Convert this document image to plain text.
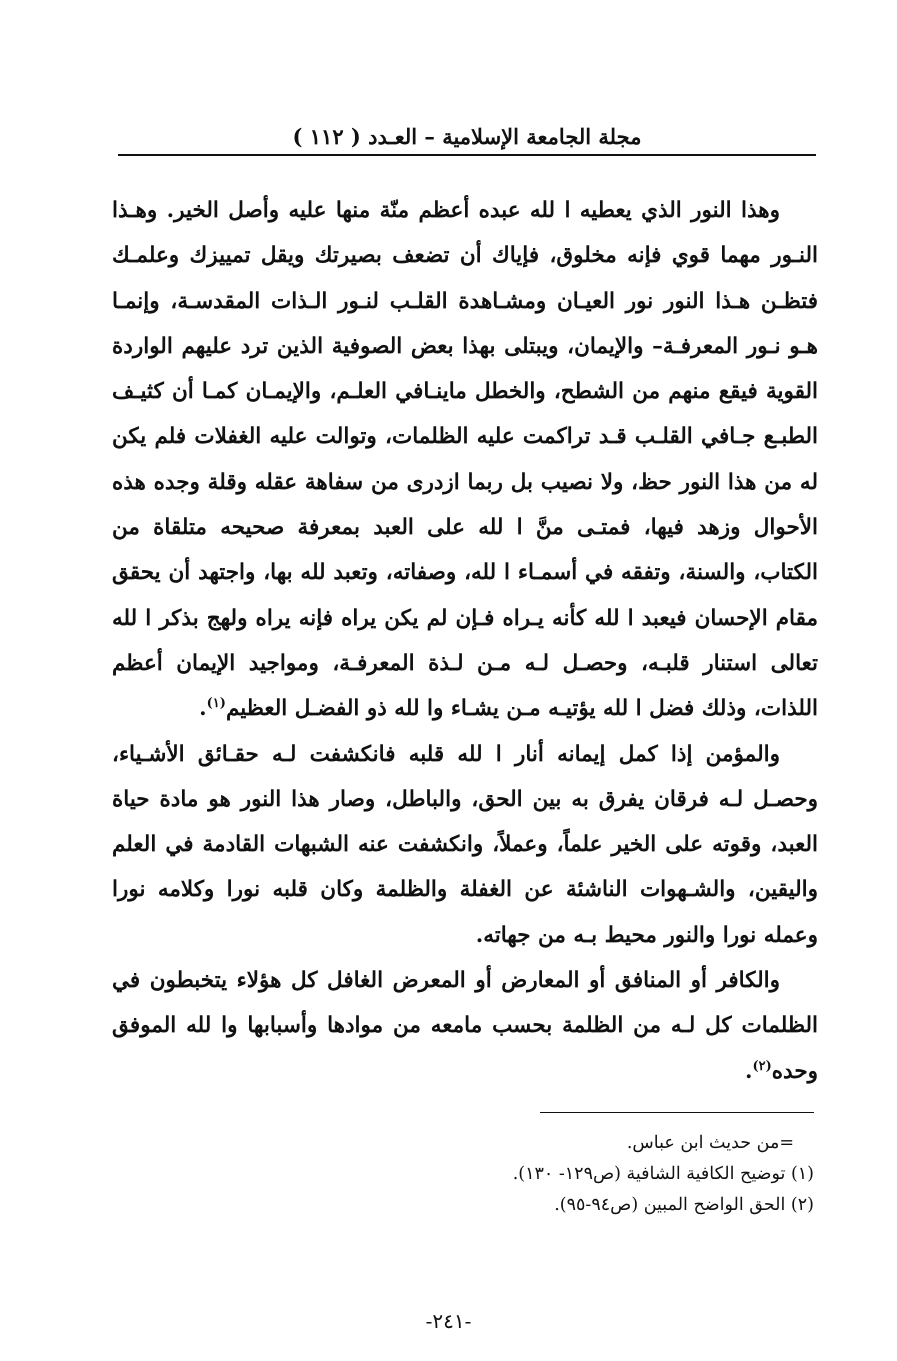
مجلة الجامعة الإسلامية – العـدد ( ١١٢ )

وهذا النور الذي يعطيه ا لله عبده أعظم منّة منها عليه وأصل الخير. وهـذا النـور مهما قوي فإنه مخلوق، فإياك أن تضعف بصيرتك ويقل تمييزك وعلمـك فتظـن هـذا النور نور العيـان ومشـاهدة القلـب لنـور الـذات المقدسـة، وإنمـا هـو نـور المعرفـة– والإيمان، ويبتلى بهذا بعض الصوفية الذين ترد عليهم الواردة القوية فيقع منهم من الشطح، والخطل ماينـافي العلـم، والإيمـان كمـا أن كثيـف الطبـع جـافي القلـب قـد تراكمت عليه الظلمات، وتوالت عليه الغفلات فلم يكن له من هذا النور حظ، ولا نصيب بل ربما ازدرى من سفاهة عقله وقلة وجده هذه الأحوال وزهد فيها، فمتـى منَّ ا لله على العبد بمعرفة صحيحه متلقاة من الكتاب، والسنة، وتفقه في أسمـاء ا لله، وصفاته، وتعبد لله بها، واجتهد أن يحقق مقام الإحسان فيعبد ا لله كأنه يـراه فـإن لم يكن يراه فإنه يراه ولهج بذكر ا لله تعالى استنار قلبـه، وحصـل لـه مـن لـذة المعرفـة، ومواجيد الإيمان أعظم اللذات، وذلك فضل ا لله يؤتيـه مـن يشـاء وا لله ذو الفضـل العظيم$^{(١)}$.

والمؤمن إذا كمل إيمانه أنار ا لله قلبه فانكشفت لـه حقـائق الأشـياء، وحصـل لـه فرقان يفرق به بين الحق، والباطل، وصار هذا النور هو مادة حياة العبد، وقوته على الخير علماً، وعملاً، وانكشفت عنه الشبهات القادمة في العلم واليقين، والشـهوات الناشئة عن الغفلة والظلمة وكان قلبه نورا وكلامه نورا وعمله نورا والنور محيط بـه من جهاته.

والكافر أو المنافق أو المعارض أو المعرض الغافل كل هؤلاء يتخبطون في الظلمات كل لـه من الظلمة بحسب مامعه من موادها وأسبابها وا لله الموفق وحده$^{(٢)}$.

=من حديث ابن عباس.
(١) توضيح الكافية الشافية (ص١٢٩- ١٣٠).
(٢) الحق الواضح المبين (ص٩٤-٩٥).
-٢٤١-
